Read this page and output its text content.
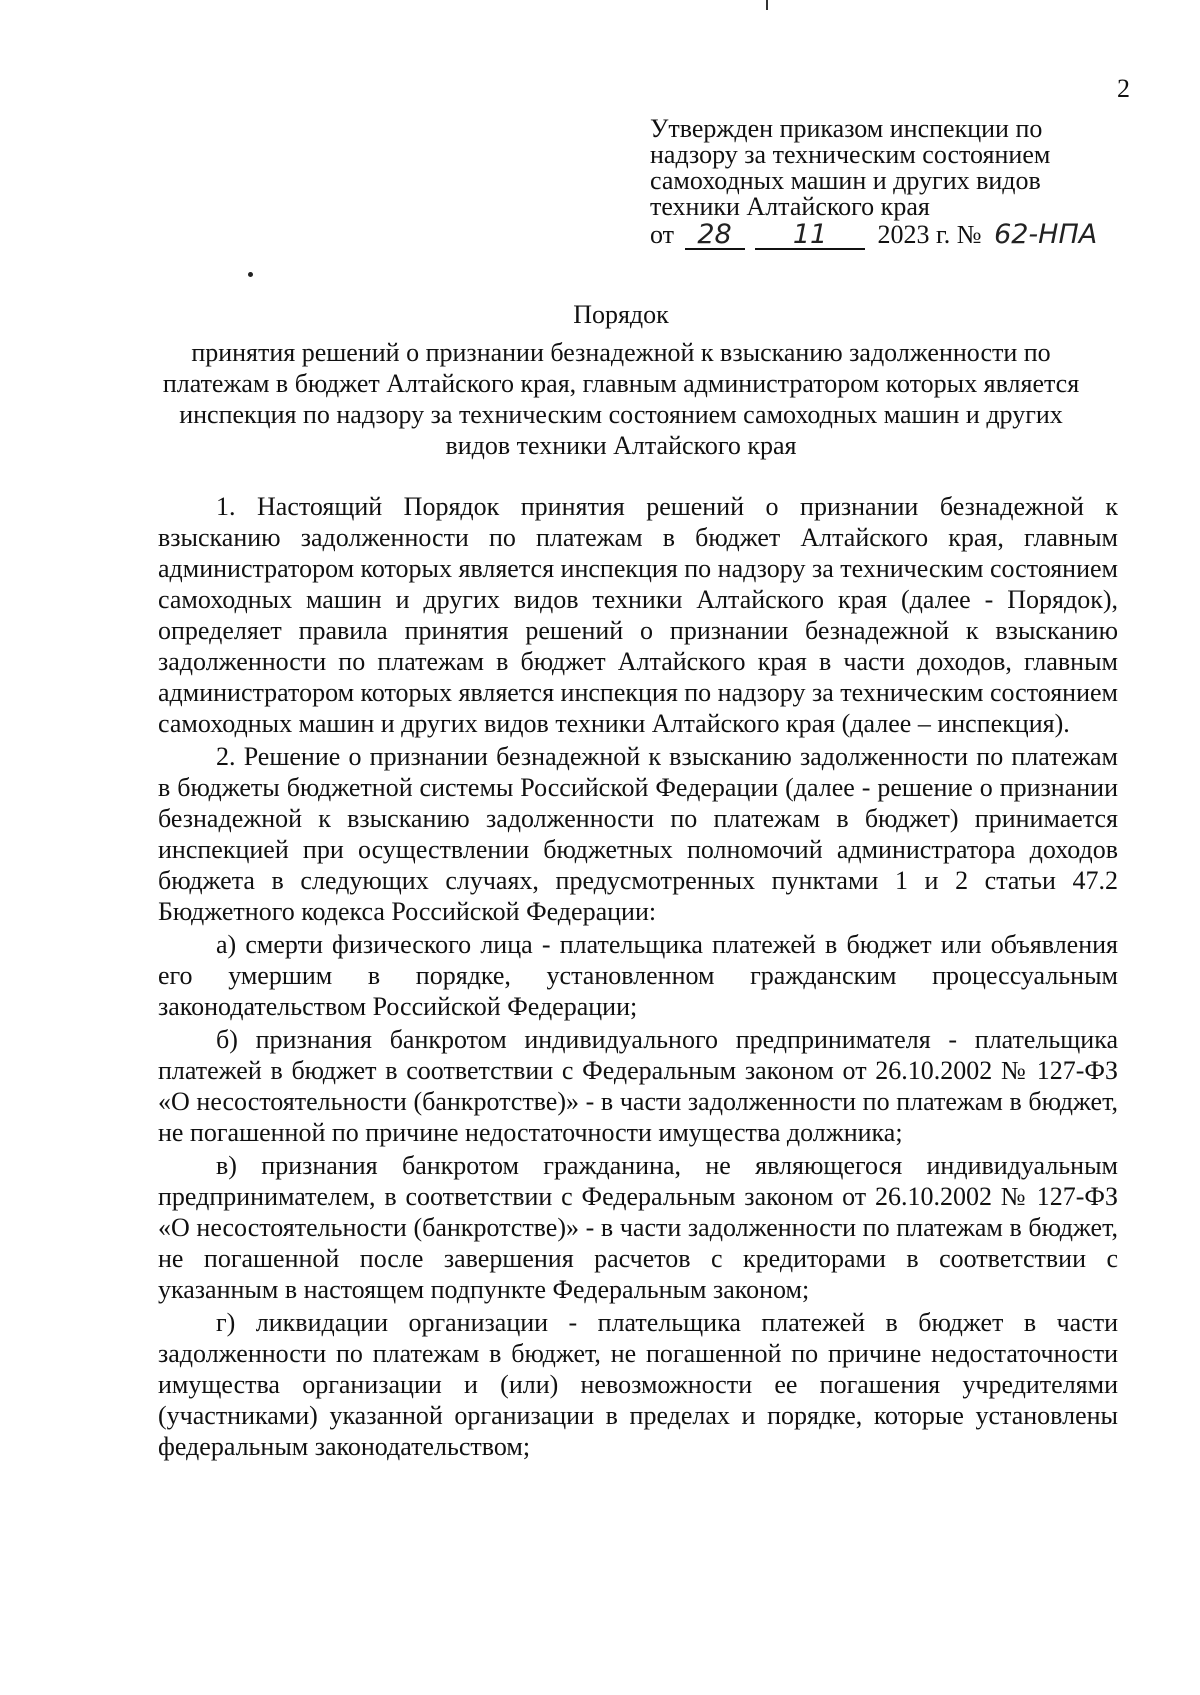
2
Утвержден приказом инспекции по надзору за техническим состоянием самоходных машин и других видов техники Алтайского края
от 28 11 2023 г. № 62-НПА
Порядок
принятия решений о признании безнадежной к взысканию задолженности по платежам в бюджет Алтайского края, главным администратором которых является инспекция по надзору за техническим состоянием самоходных машин и других видов техники Алтайского края

1. Настоящий Порядок принятия решений о признании безнадежной к взысканию задолженности по платежам в бюджет Алтайского края, главным администратором которых является инспекция по надзору за техническим состоянием самоходных машин и других видов техники Алтайского края (далее - Порядок), определяет правила принятия решений о признании безнадежной к взысканию задолженности по платежам в бюджет Алтайского края в части доходов, главным администратором которых является инспекция по надзору за техническим состоянием самоходных машин и других видов техники Алтайского края (далее – инспекция).

2. Решение о признании безнадежной к взысканию задолженности по платежам в бюджеты бюджетной системы Российской Федерации (далее - решение о признании безнадежной к взысканию задолженности по платежам в бюджет) принимается инспекцией при осуществлении бюджетных полномочий администратора доходов бюджета в следующих случаях, предусмотренных пунктами 1 и 2 статьи 47.2 Бюджетного кодекса Российской Федерации:

а) смерти физического лица - плательщика платежей в бюджет или объявления его умершим в порядке, установленном гражданским процессуальным законодательством Российской Федерации;

б) признания банкротом индивидуального предпринимателя - плательщика платежей в бюджет в соответствии с Федеральным законом от 26.10.2002 № 127-ФЗ «О несостоятельности (банкротстве)» - в части задолженности по платежам в бюджет, не погашенной по причине недостаточности имущества должника;

в) признания банкротом гражданина, не являющегося индивидуальным предпринимателем, в соответствии с Федеральным законом от 26.10.2002 № 127-ФЗ «О несостоятельности (банкротстве)» - в части задолженности по платежам в бюджет, не погашенной после завершения расчетов с кредиторами в соответствии с указанным в настоящем подпункте Федеральным законом;

г) ликвидации организации - плательщика платежей в бюджет в части задолженности по платежам в бюджет, не погашенной по причине недостаточности имущества организации и (или) невозможности ее погашения учредителями (участниками) указанной организации в пределах и порядке, которые установлены федеральным законодательством;
